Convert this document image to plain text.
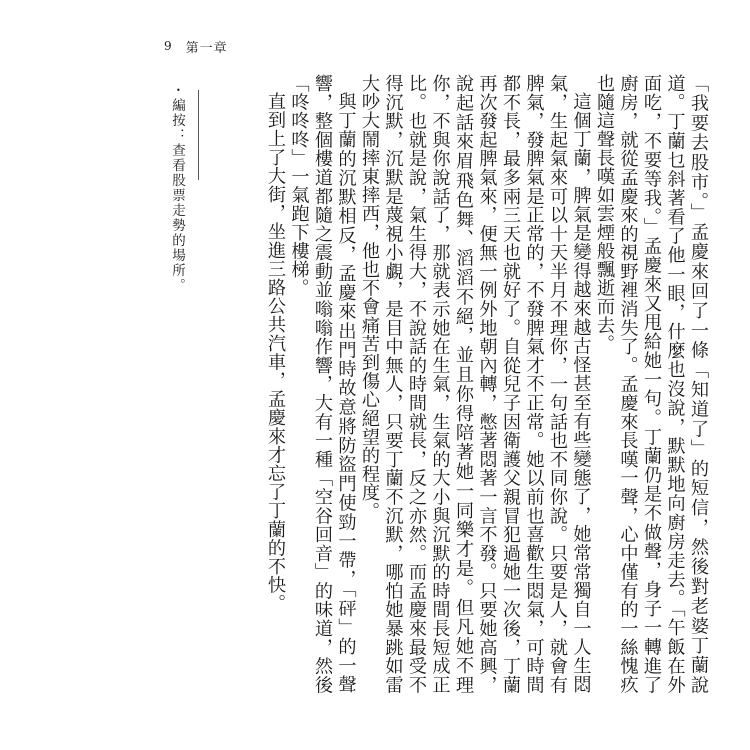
9 第一章

「我要去股市。」孟慶來回了一條「知道了」的短信，然後對老婆丁蘭說道。丁蘭乜斜著看了他一眼，什麼也沒說，默默地向廚房走去。「午飯在外面吃，不要等我。」孟慶來又甩給她一句。丁蘭仍是不做聲，身子一轉進了廚房，就從孟慶來的視野裡消失了。孟慶來長嘆一聲，心中僅有的一絲愧疚也隨這聲長嘆如雲煙般飄逝而去。

這個丁蘭，脾氣是變得越來越古怪甚至有些變態了，她常常獨自一人生悶氣，生起氣來可以十天半月不理你，一句話也不同你說。只要是人，就會有脾氣，發脾氣是正常的，不發脾氣才不正常。她以前也喜歡生悶氣，可時間都不長，最多兩三天也就好了。自從兒子因衛護父親冒犯過她一次後，丁蘭再次發起脾氣來，便無一例外地朝內轉，憋著悶著一言不發。只要她高興，說起話來眉飛色舞、滔滔不絕，並且你得陪著她一同樂才是。但凡她不理你，不與你說話了，那就表示她在生氣，生氣的大小與沉默的時間長短成正比。也就是說，氣生得大，不說話的時間就長，反之亦然。而孟慶來最受不得沉默，沉默是蔑視小覷，是目中無人，只要丁蘭不沉默，哪怕她暴跳如雷大吵大鬧摔東摔西，他也不會痛苦到傷心絕望的程度。

與丁蘭的沉默相反，孟慶來出門時故意將防盜門使勁一帶，「砰」的一聲響，整個樓道都隨之震動並嗡嗡作響，大有一種「空谷回音」的味道，然後「咚咚咚」一氣跑下樓梯。

直到上了大街，坐進三路公共汽車，孟慶來才忘了丁蘭的不快。

•
編按：查看股票走勢的場所。
